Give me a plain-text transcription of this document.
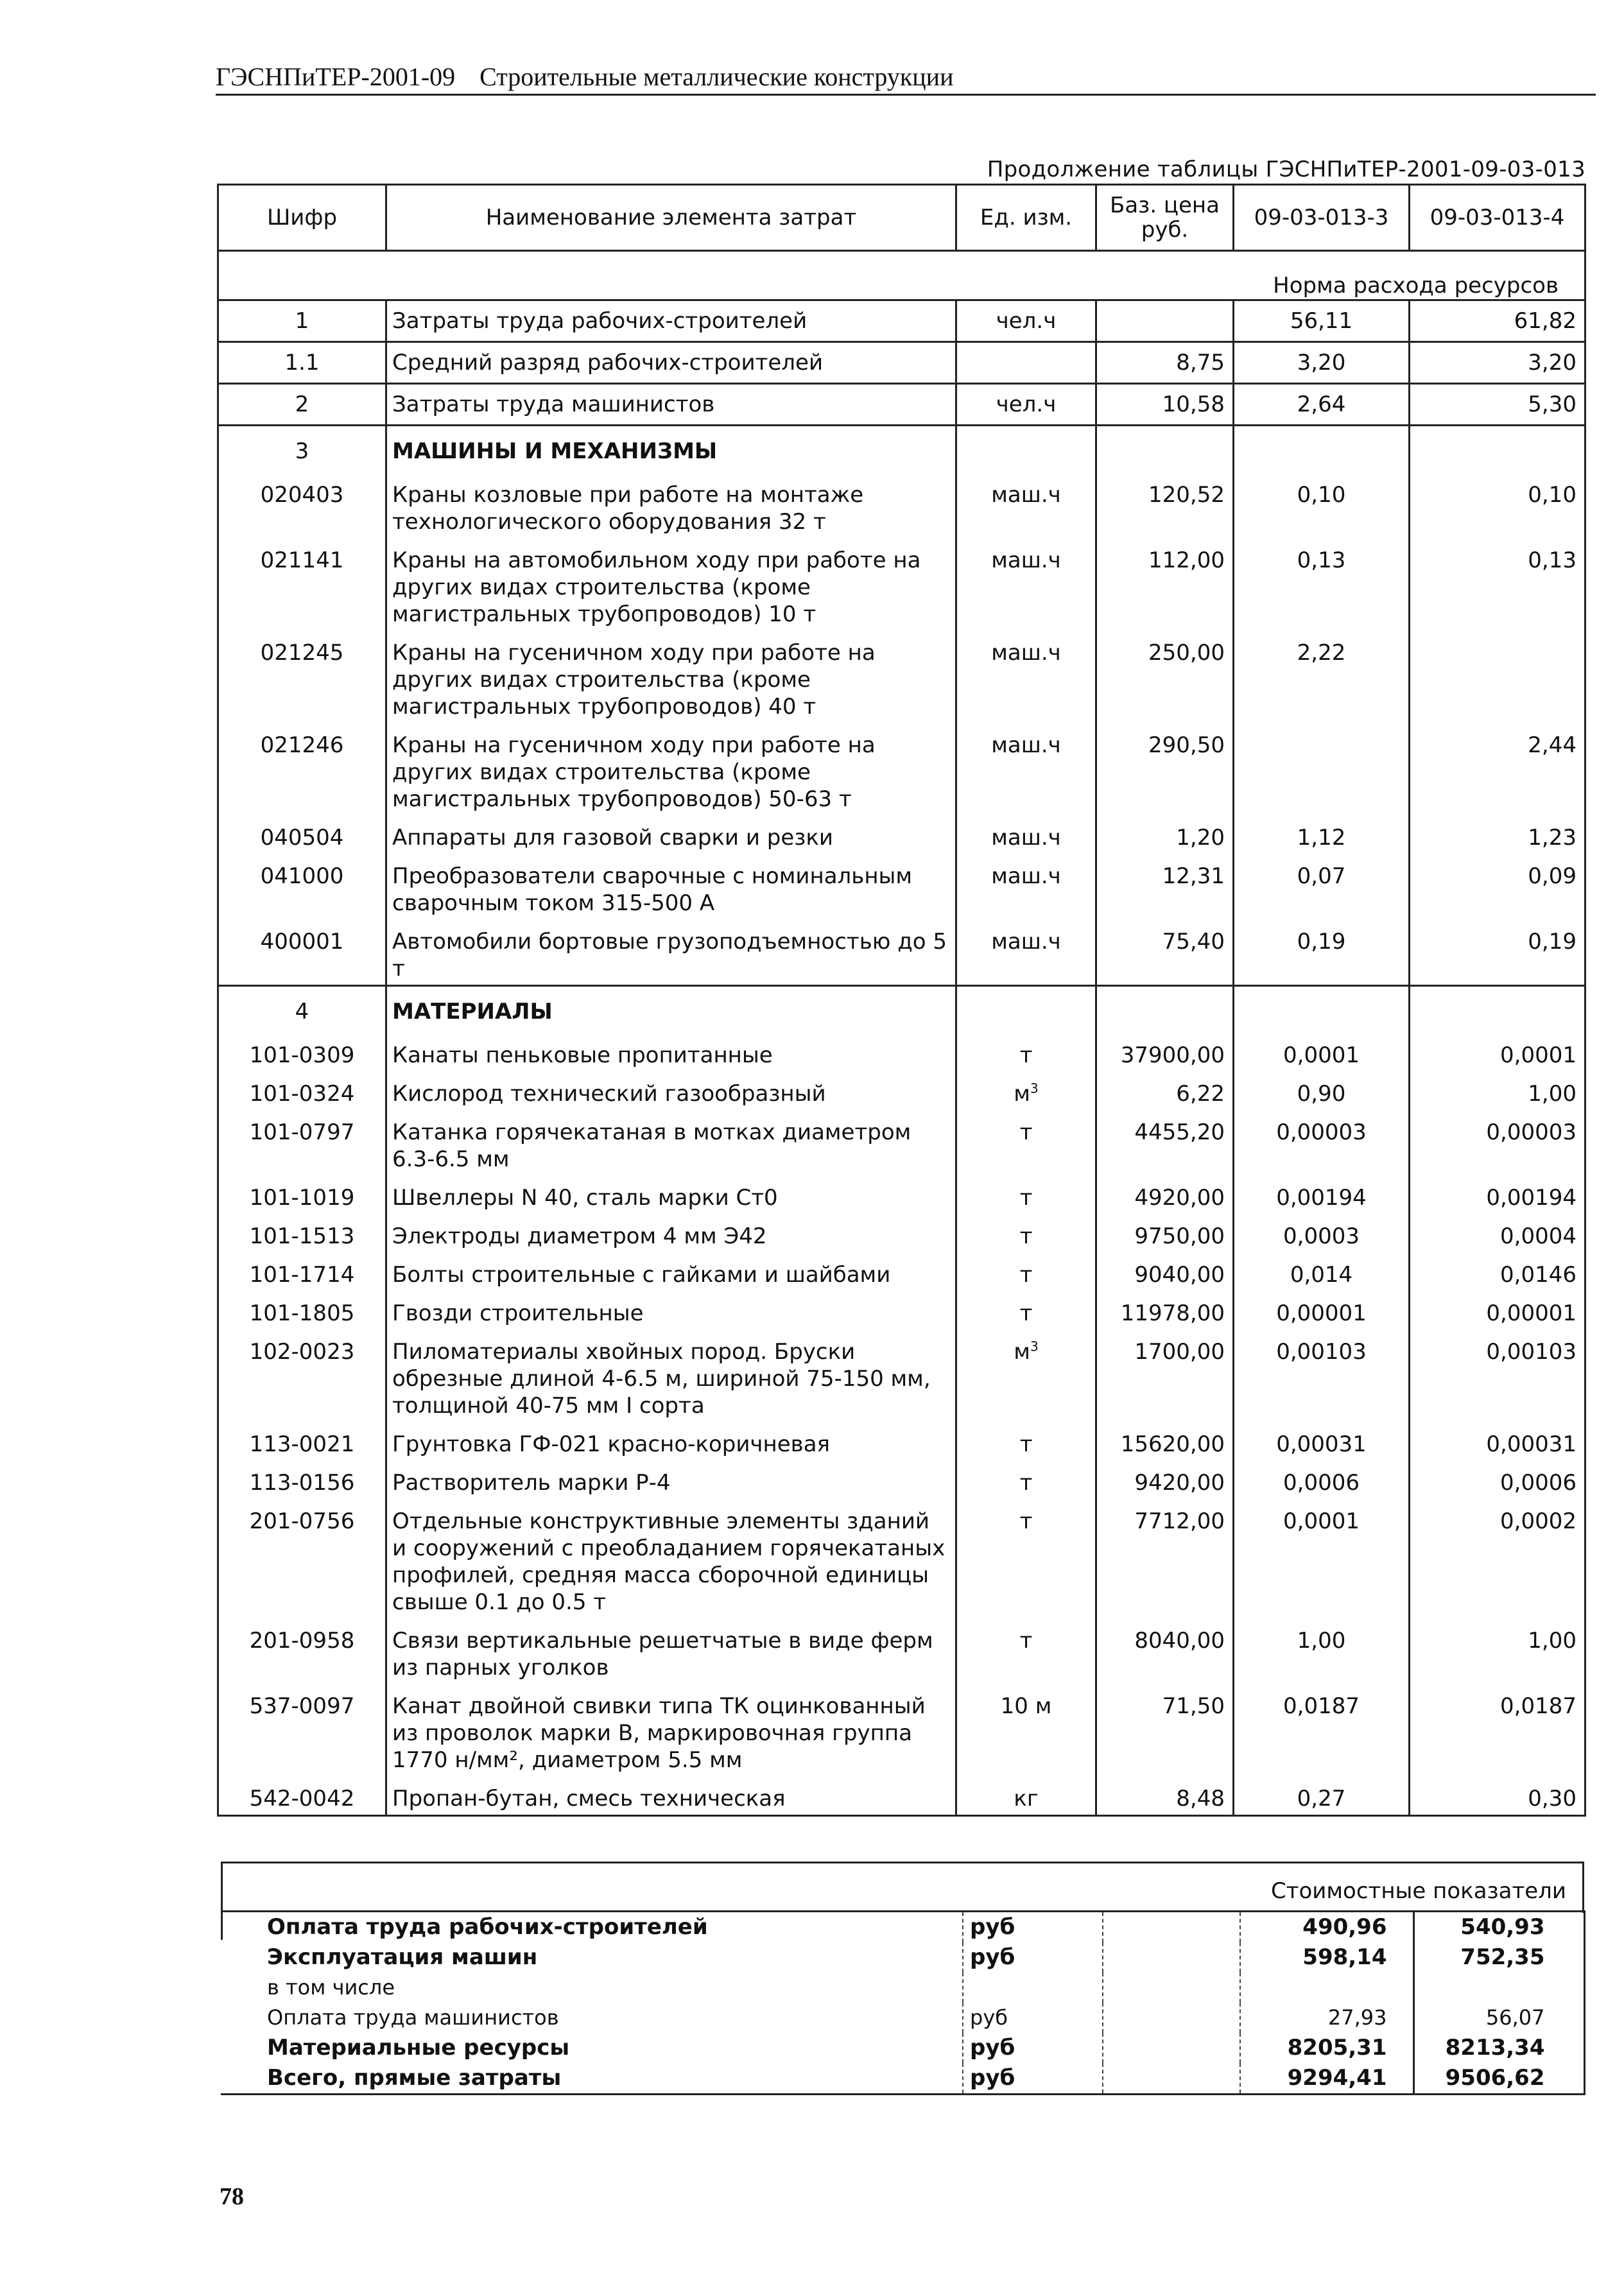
ГЭСНПиТЕР-2001-09 Строительные металлические конструкции
Продолжение таблицы ГЭСНПиТЕР-2001-09-03-013
Шифр	Наименование элемента затрат	Ед. изм.	Баз. цена
руб.	09-03-013-3	09-03-013-4

Норма расхода ресурсов					
1	Затраты труда рабочих-строителей	чел.ч		56,11	61,82
1.1	Средний разряд рабочих-строителей		8,75	3,20	3,20
2	Затраты труда машинистов	чел.ч	10,58	2,64	5,30
3	МАШИНЫ И МЕХАНИЗМЫ				
020403	Краны козловые при работе на монтаже технологического оборудования 32 т	маш.ч	120,52	0,10	0,10
021141	Краны на автомобильном ходу при работе на других видах строительства (кроме магистральных трубопроводов) 10 т	маш.ч	112,00	0,13	0,13
021245	Краны на гусеничном ходу при работе на других видах строительства (кроме магистральных трубопроводов) 40 т	маш.ч	250,00	2,22	
021246	Краны на гусеничном ходу при работе на других видах строительства (кроме магистральных трубопроводов) 50-63 т	маш.ч	290,50		2,44
040504	Аппараты для газовой сварки и резки	маш.ч	1,20	1,12	1,23
041000	Преобразователи сварочные с номинальным сварочным током 315-500 А	маш.ч	12,31	0,07	0,09
400001	Автомобили бортовые грузоподъемностью до 5 т	маш.ч	75,40	0,19	0,19
4	МАТЕРИАЛЫ				
101-0309	Канаты пеньковые пропитанные	т	37900,00	0,0001	0,0001
101-0324	Кислород технический газообразный	$м^3$	6,22	0,90	1,00
101-0797	Катанка горячекатаная в мотках диаметром 6.3-6.5 мм	т	4455,20	0,00003	0,00003
101-1019	Швеллеры N 40, сталь марки Ст0	т	4920,00	0,00194	0,00194
101-1513	Электроды диаметром 4 мм Э42	т	9750,00	0,0003	0,0004
101-1714	Болты строительные с гайками и шайбами	т	9040,00	0,014	0,0146
101-1805	Гвозди строительные	т	11978,00	0,00001	0,00001
102-0023	Пиломатериалы хвойных пород. Бруски обрезные длиной 4-6.5 м, шириной 75-150 мм, толщиной 40-75 мм I сорта	$м^3$	1700,00	0,00103	0,00103
113-0021	Грунтовка ГФ-021 красно-коричневая	т	15620,00	0,00031	0,00031
113-0156	Растворитель марки Р-4	т	9420,00	0,0006	0,0006
201-0756	Отдельные конструктивные элементы зданий и сооружений с преобладанием горячекатаных профилей, средняя масса сборочной единицы свыше 0.1 до 0.5 т	т	7712,00	0,0001	0,0002
201-0958	Связи вертикальные решетчатые в виде ферм из парных уголков	т	8040,00	1,00	1,00
537-0097	Канат двойной свивки типа ТК оцинкованный из проволок марки В, маркировочная группа 1770 н/мм², диаметром 5.5 мм	10 м	71,50	0,0187	0,0187
542-0042	Пропан-бутан, смесь техническая	кг	8,48	0,27	0,30
Стоимостные показатели
Оплата труда рабочих-строителей	руб		490,96	540,93
Эксплуатация машин	руб		598,14	752,35
в том числе				
Оплата труда машинистов	руб		27,93	56,07
Материальные ресурсы	руб		8205,31	8213,34
Всего, прямые затраты	руб		9294,41	9506,62
78
